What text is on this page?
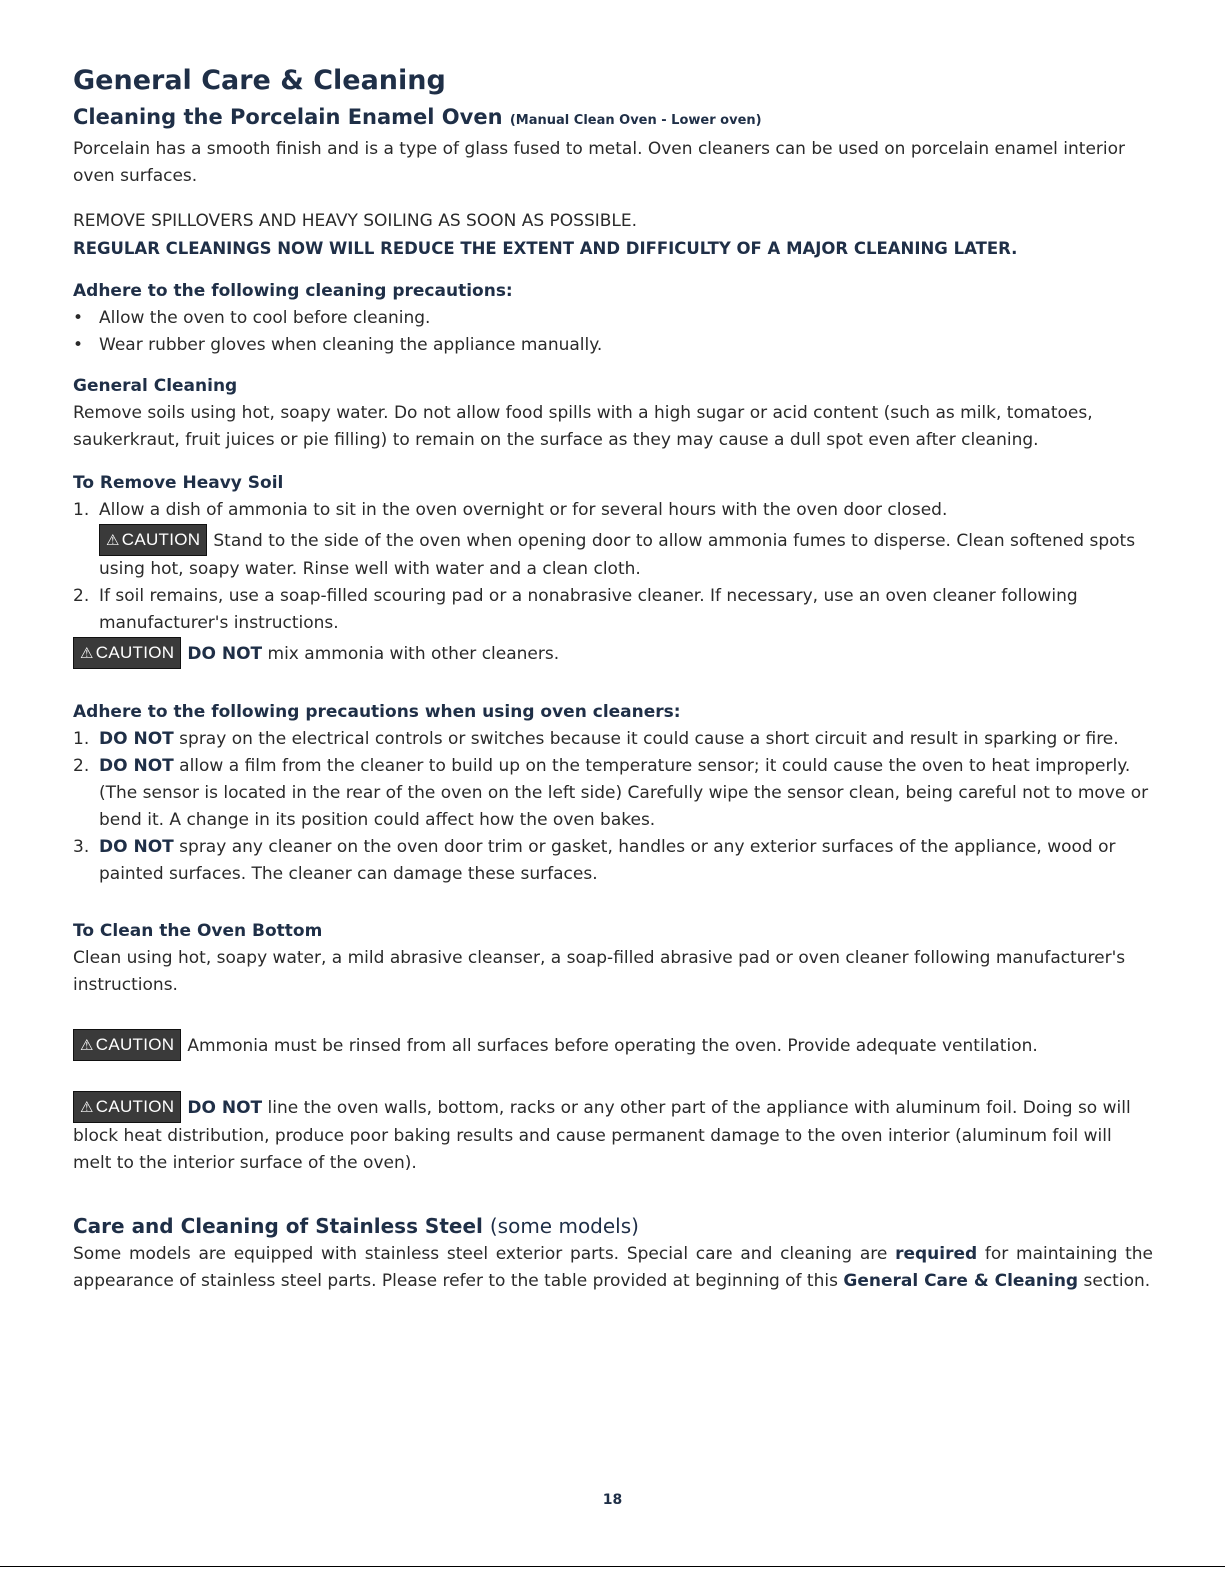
General Care & Cleaning
Cleaning the Porcelain Enamel Oven (Manual Clean Oven - Lower oven)

Porcelain has a smooth finish and is a type of glass fused to metal. Oven cleaners can be used on porcelain enamel interior oven surfaces.

REMOVE SPILLOVERS AND HEAVY SOILING AS SOON AS POSSIBLE.

REGULAR CLEANINGS NOW WILL REDUCE THE EXTENT AND DIFFICULTY OF A MAJOR CLEANING LATER.

Adhere to the following cleaning precautions:

• Allow the oven to cool before cleaning.
• Wear rubber gloves when cleaning the appliance manually.

General Cleaning

Remove soils using hot, soapy water. Do not allow food spills with a high sugar or acid content (such as milk, tomatoes, saukerkraut, fruit juices or pie filling) to remain on the surface as they may cause a dull spot even after cleaning.

To Remove Heavy Soil

1. Allow a dish of ammonia to sit in the oven overnight or for several hours with the oven door closed.
⚠ CAUTION Stand to the side of the oven when opening door to allow ammonia fumes to disperse. Clean softened spots using hot, soapy water. Rinse well with water and a clean cloth.
2. If soil remains, use a soap-filled scouring pad or a nonabrasive cleaner. If necessary, use an oven cleaner following manufacturer's instructions.

⚠ CAUTION DO NOT mix ammonia with other cleaners.

Adhere to the following precautions when using oven cleaners:

1. DO NOT spray on the electrical controls or switches because it could cause a short circuit and result in sparking or fire.
2. DO NOT allow a film from the cleaner to build up on the temperature sensor; it could cause the oven to heat improperly. (The sensor is located in the rear of the oven on the left side) Carefully wipe the sensor clean, being careful not to move or bend it. A change in its position could affect how the oven bakes.
3. DO NOT spray any cleaner on the oven door trim or gasket, handles or any exterior surfaces of the appliance, wood or painted surfaces. The cleaner can damage these surfaces.

To Clean the Oven Bottom

Clean using hot, soapy water, a mild abrasive cleanser, a soap-filled abrasive pad or oven cleaner following manufacturer's instructions.

⚠ CAUTION Ammonia must be rinsed from all surfaces before operating the oven. Provide adequate ventilation.

⚠ CAUTION DO NOT line the oven walls, bottom, racks or any other part of the appliance with aluminum foil. Doing so will block heat distribution, produce poor baking results and cause permanent damage to the oven interior (aluminum foil will melt to the interior surface of the oven).

Care and Cleaning of Stainless Steel (some models)

Some models are equipped with stainless steel exterior parts. Special care and cleaning are required for maintaining the appearance of stainless steel parts. Please refer to the table provided at beginning of this General Care & Cleaning section.

18
